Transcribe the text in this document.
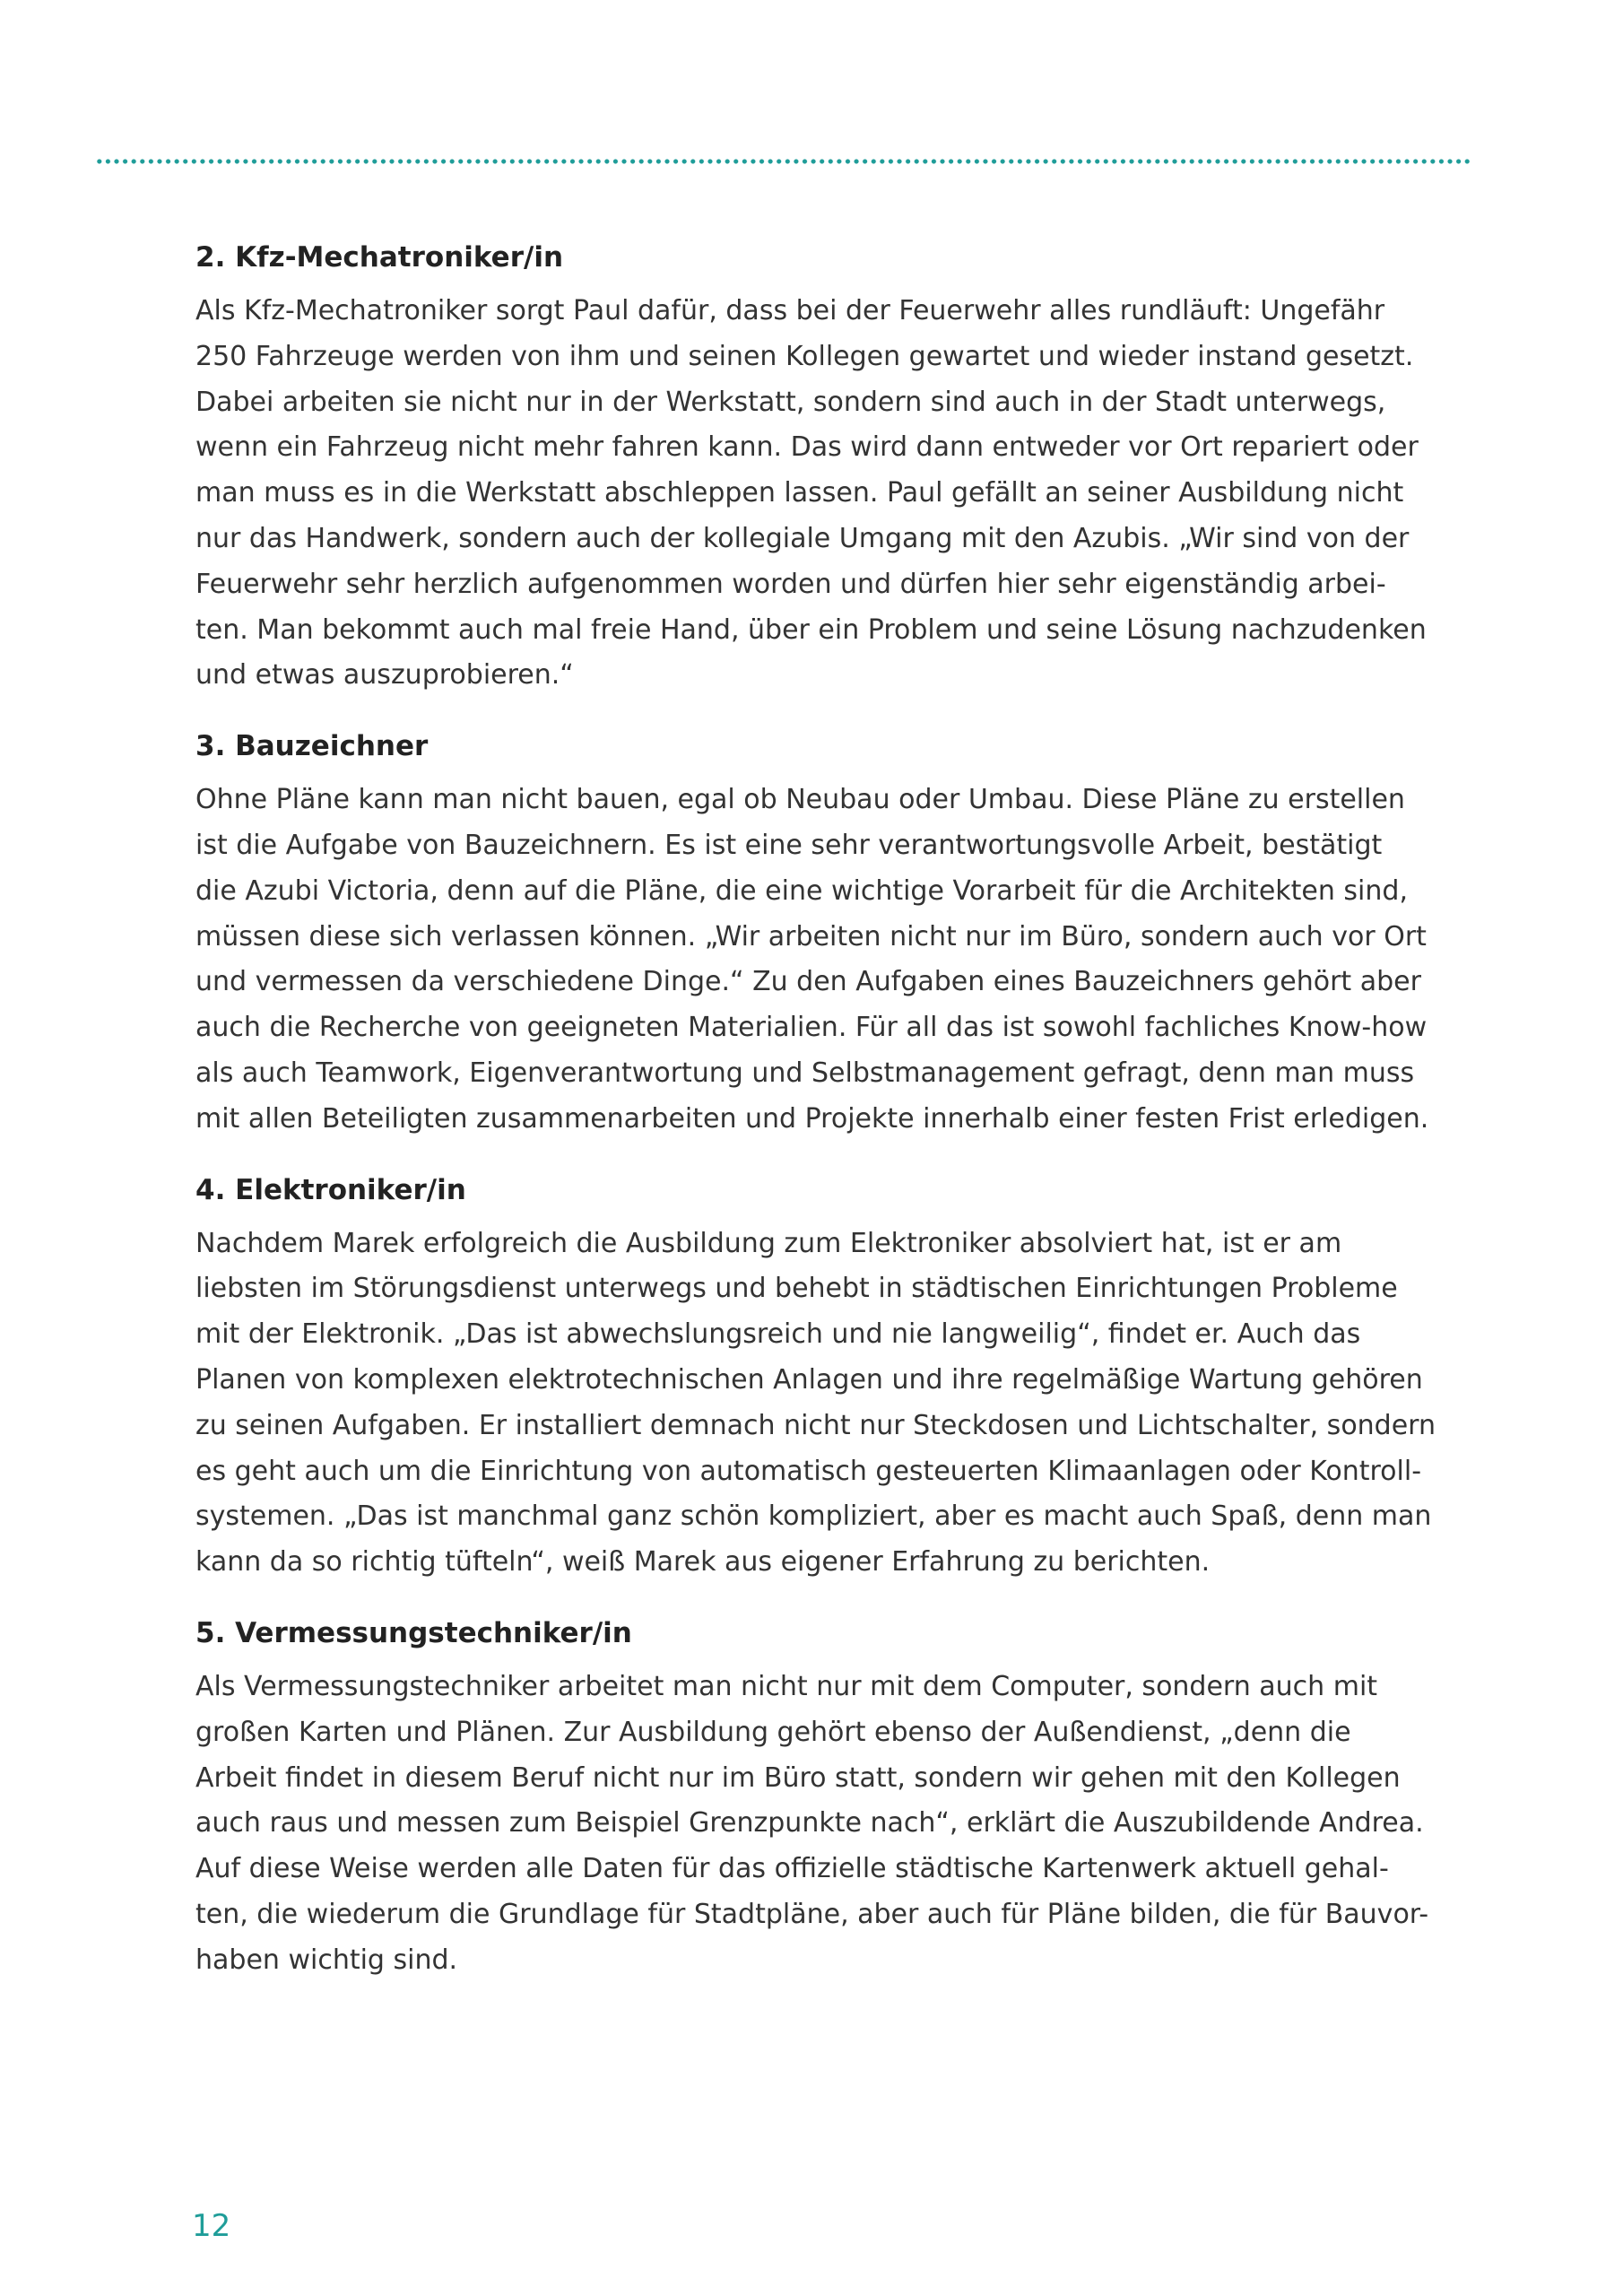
2. Kfz-Mechatroniker/in
Als Kfz-Mechatroniker sorgt Paul dafür, dass bei der Feuerwehr alles rundläuft: Ungefähr
250 Fahrzeuge werden von ihm und seinen Kollegen gewartet und wieder instand gesetzt.
Dabei arbeiten sie nicht nur in der Werkstatt, sondern sind auch in der Stadt unterwegs,
wenn ein Fahrzeug nicht mehr fahren kann. Das wird dann entweder vor Ort repariert oder
man muss es in die Werkstatt abschleppen lassen. Paul gefällt an seiner Ausbildung nicht
nur das Handwerk, sondern auch der kollegiale Umgang mit den Azubis. „Wir sind von der
Feuerwehr sehr herzlich aufgenommen worden und dürfen hier sehr eigenständig arbei-
ten. Man bekommt auch mal freie Hand, über ein Problem und seine Lösung nachzudenken
und etwas auszuprobieren.“
3. Bauzeichner
Ohne Pläne kann man nicht bauen, egal ob Neubau oder Umbau. Diese Pläne zu erstellen
ist die Aufgabe von Bauzeichnern. Es ist eine sehr verantwortungsvolle Arbeit, bestätigt
die Azubi Victoria, denn auf die Pläne, die eine wichtige Vorarbeit für die Architekten sind,
müssen diese sich verlassen können. „Wir arbeiten nicht nur im Büro, sondern auch vor Ort
und vermessen da verschiedene Dinge.“ Zu den Aufgaben eines Bauzeichners gehört aber
auch die Recherche von geeigneten Materialien. Für all das ist sowohl fachliches Know-how
als auch Teamwork, Eigenverantwortung und Selbstmanagement gefragt, denn man muss
mit allen Beteiligten zusammenarbeiten und Projekte innerhalb einer festen Frist erledigen.
4. Elektroniker/in
Nachdem Marek erfolgreich die Ausbildung zum Elektroniker absolviert hat, ist er am
liebsten im Störungsdienst unterwegs und behebt in städtischen Einrichtungen Probleme
mit der Elektronik. „Das ist abwechslungsreich und nie langweilig“, findet er. Auch das
Planen von komplexen elektrotechnischen Anlagen und ihre regelmäßige Wartung gehören
zu seinen Aufgaben. Er installiert demnach nicht nur Steckdosen und Lichtschalter, sondern
es geht auch um die Einrichtung von automatisch gesteuerten Klimaanlagen oder Kontroll-
systemen. „Das ist manchmal ganz schön kompliziert, aber es macht auch Spaß, denn man
kann da so richtig tüfteln“, weiß Marek aus eigener Erfahrung zu berichten.
5. Vermessungstechniker/in
Als Vermessungstechniker arbeitet man nicht nur mit dem Computer, sondern auch mit
großen Karten und Plänen. Zur Ausbildung gehört ebenso der Außendienst, „denn die
Arbeit findet in diesem Beruf nicht nur im Büro statt, sondern wir gehen mit den Kollegen
auch raus und messen zum Beispiel Grenzpunkte nach“, erklärt die Auszubildende Andrea.
Auf diese Weise werden alle Daten für das offizielle städtische Kartenwerk aktuell gehal-
ten, die wiederum die Grundlage für Stadtpläne, aber auch für Pläne bilden, die für Bauvor-
haben wichtig sind.
12
